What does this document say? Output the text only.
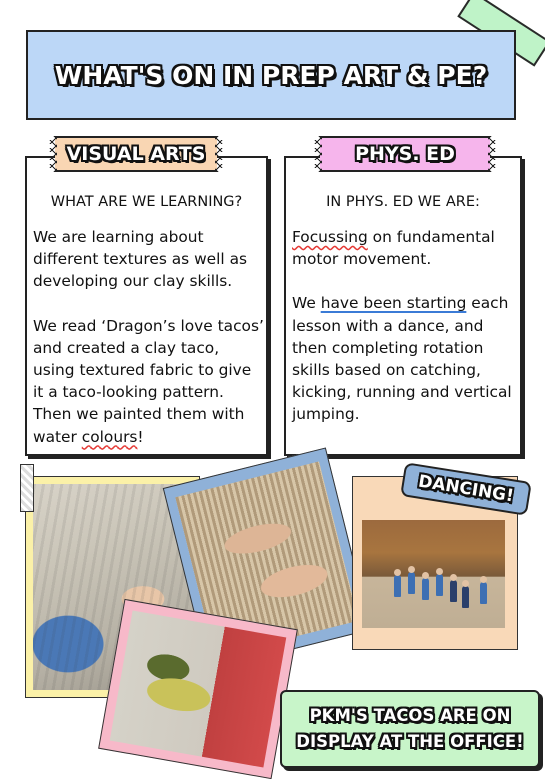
WHAT'S ON IN PREP ART & PE?
VISUAL ARTS
WHAT ARE WE LEARNING?

We are learning about different textures as well as developing our clay skills.

We read ‘Dragon’s love tacos’ and created a clay taco, using textured fabric to give it a taco-looking pattern. Then we painted them with water colours!

PHYS. ED
IN PHYS. ED WE ARE:

Focussing on fundamental motor movement.

We have been starting each lesson with a dance, and then completing rotation skills based on catching, kicking, running and vertical jumping.

DANCING!
PKM'S TACOS ARE ON
DISPLAY AT THE OFFICE!
